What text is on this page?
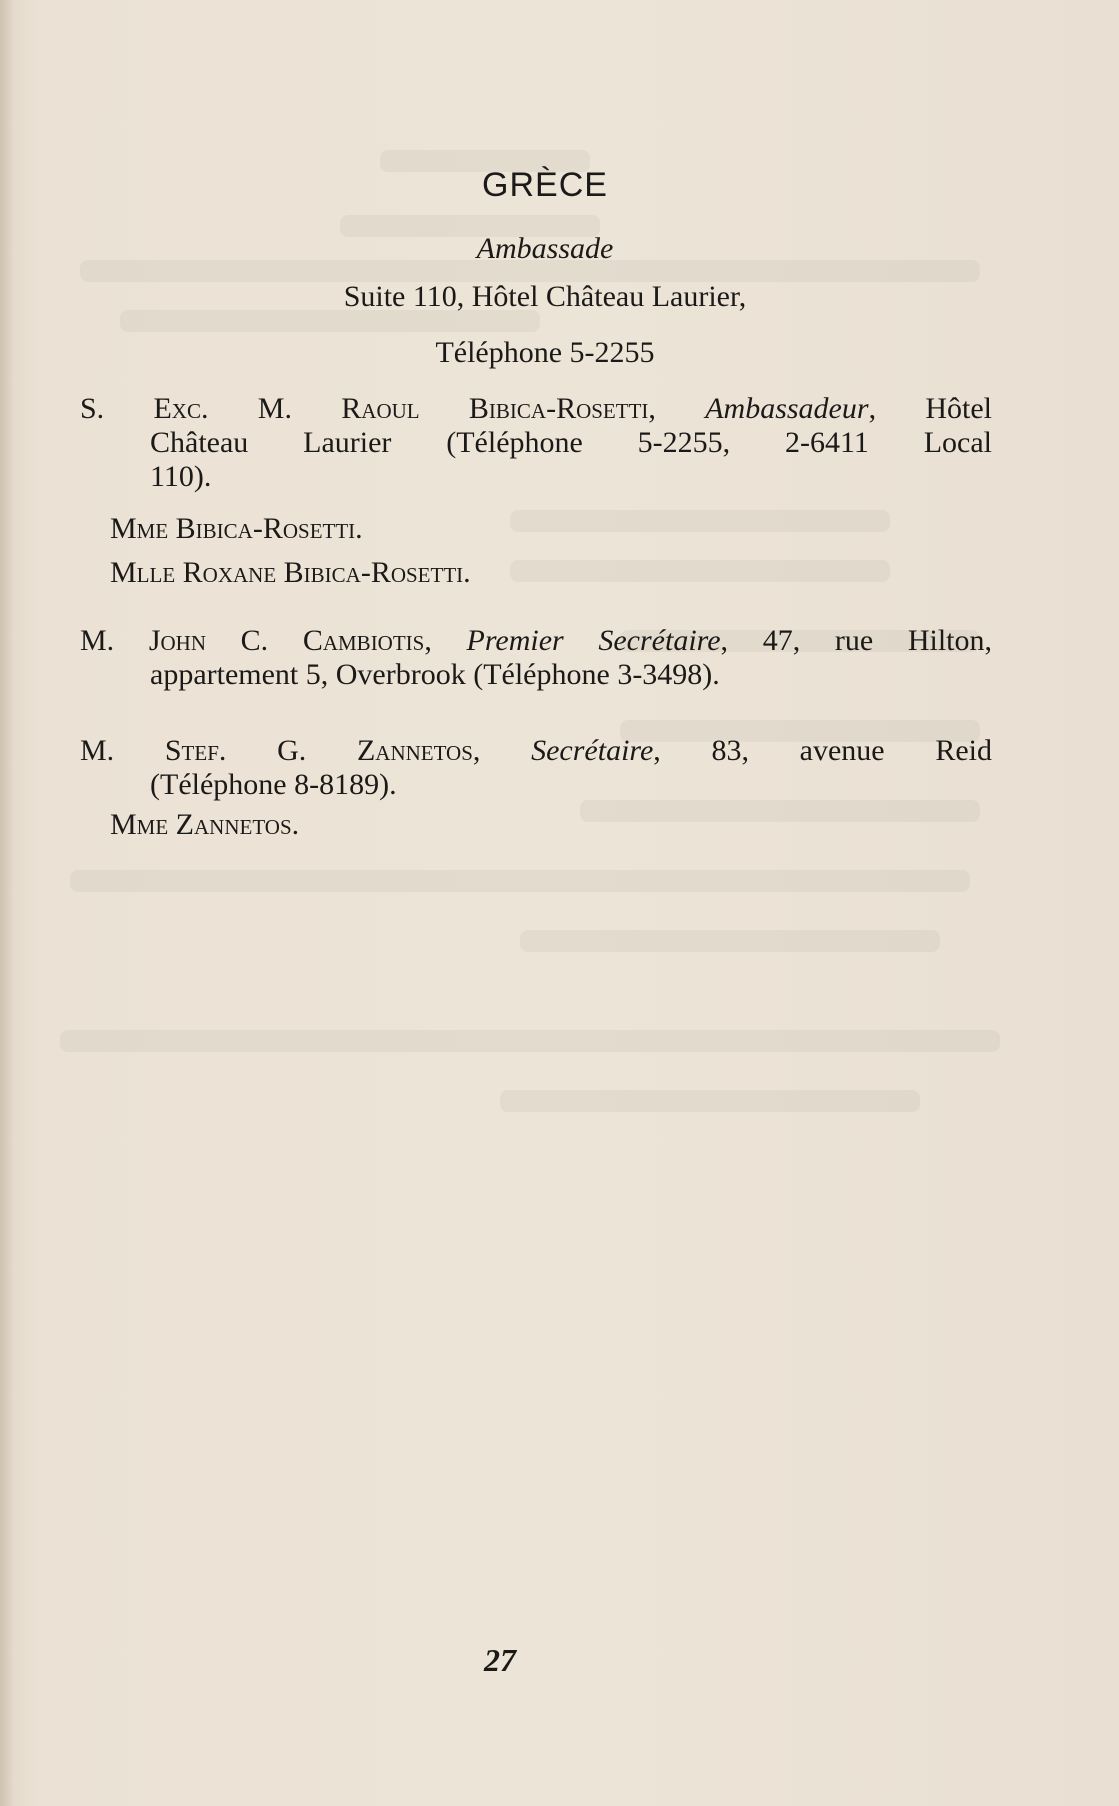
GRÈCE
Ambassade
Suite 110, Hôtel Château Laurier,
Téléphone 5-2255
S. Exc. M. Raoul Bibica-Rosetti, Ambassadeur, Hôtel
Château Laurier (Téléphone 5-2255, 2-6411 Local
110).
Mme Bibica-Rosetti.
Mlle Roxane Bibica-Rosetti.
M. John C. Cambiotis, Premier Secrétaire, 47, rue Hilton,
appartement 5, Overbrook (Téléphone 3-3498).
M. Stef. G. Zannetos, Secrétaire, 83, avenue Reid
(Téléphone 8-8189).
Mme Zannetos.
27
